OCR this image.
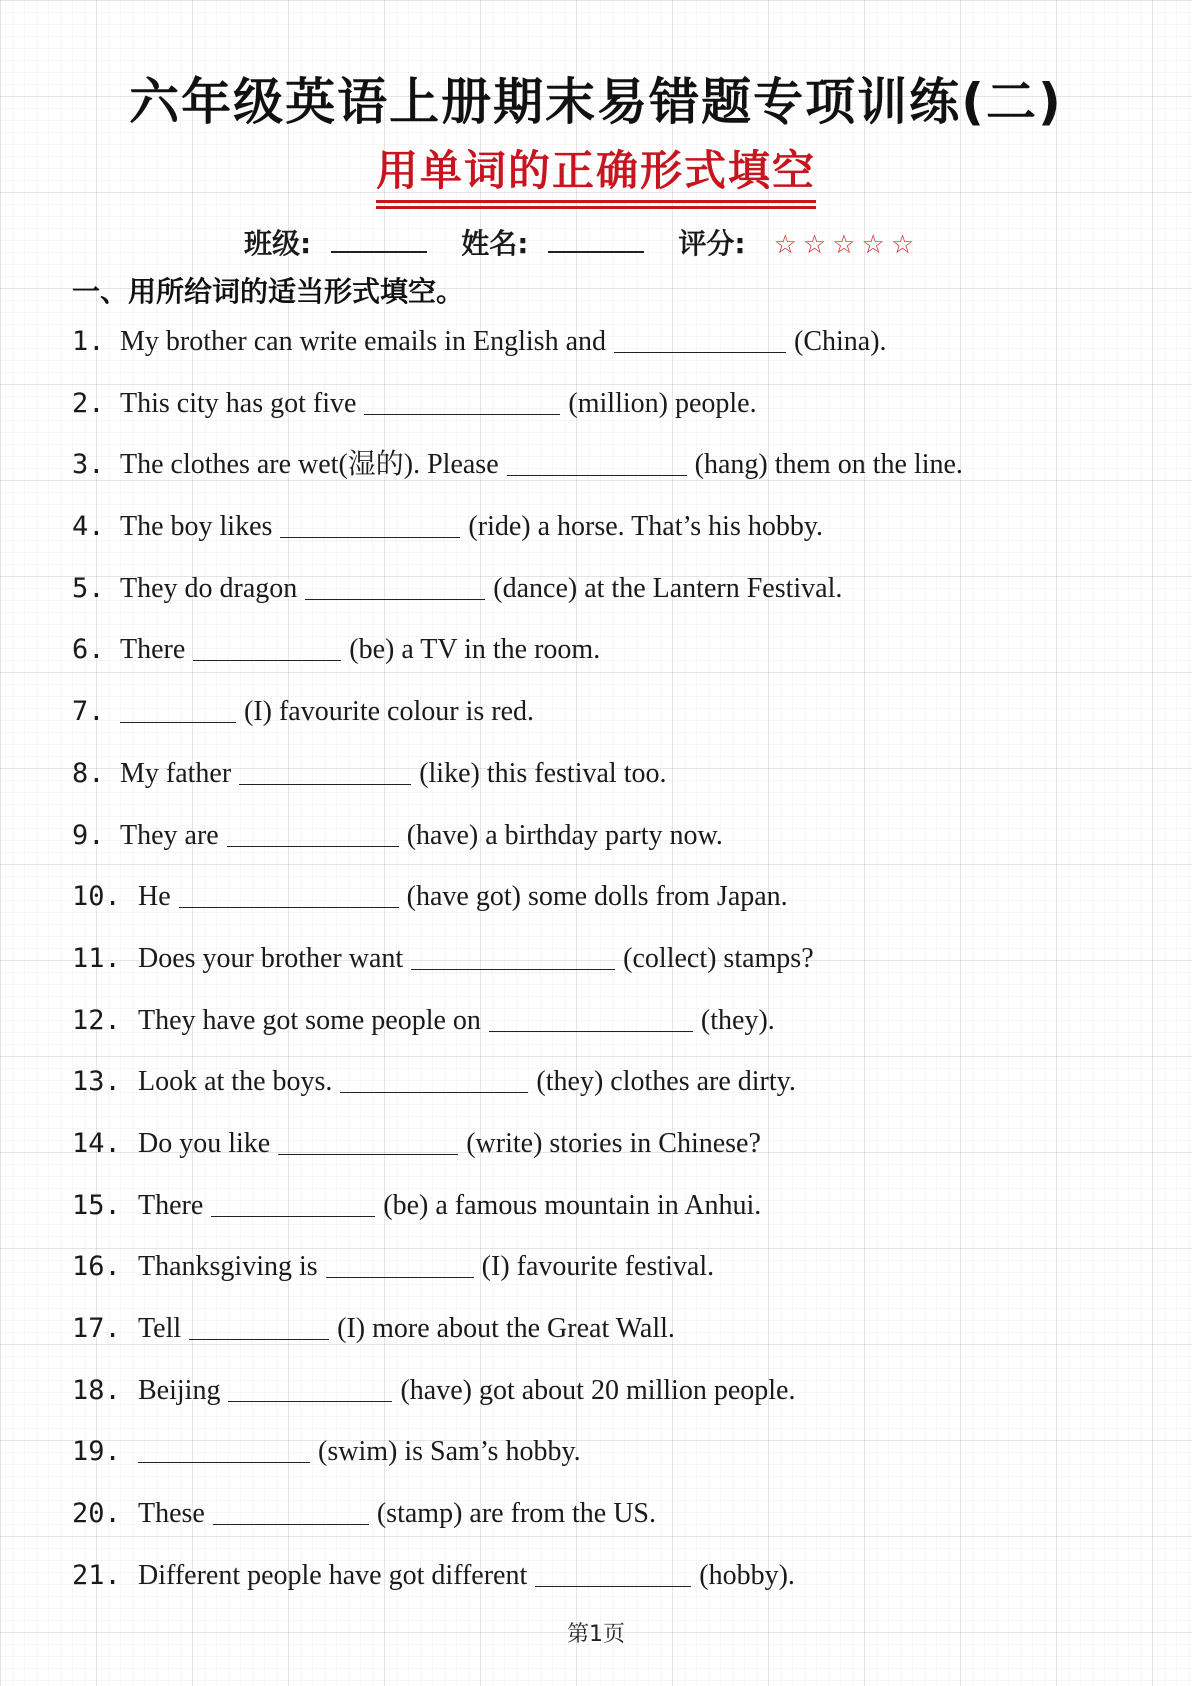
六年级英语上册期末易错题专项训练(二)
用单词的正确形式填空
班级:	姓名:	评分: ☆☆☆☆☆
一、用所给词的适当形式填空。
1. My brother can write emails in English and	(China).
2. This city has got five	(million) people.
3. The clothes are wet(湿的). Please	(hang) them on the line.
4. The boy likes	(ride) a horse. That’s his hobby.
5. They do dragon	(dance) at the Lantern Festival.
6. There	(be) a TV in the room.
7.	(I) favourite colour is red.
8. My father	(like) this festival too.
9. They are	(have) a birthday party now.
10. He	(have got) some dolls from Japan.
11. Does your brother want	(collect) stamps?
12. They have got some people on	(they).
13. Look at the boys.	(they) clothes are dirty.
14. Do you like	(write) stories in Chinese?
15. There	(be) a famous mountain in Anhui.
16. Thanksgiving is	(I) favourite festival.
17. Tell	(I) more about the Great Wall.
18. Beijing	(have) got about 20 million people.
19.	(swim) is Sam’s hobby.
20. These	(stamp) are from the US.
21. Different people have got different	(hobby).
第1页
